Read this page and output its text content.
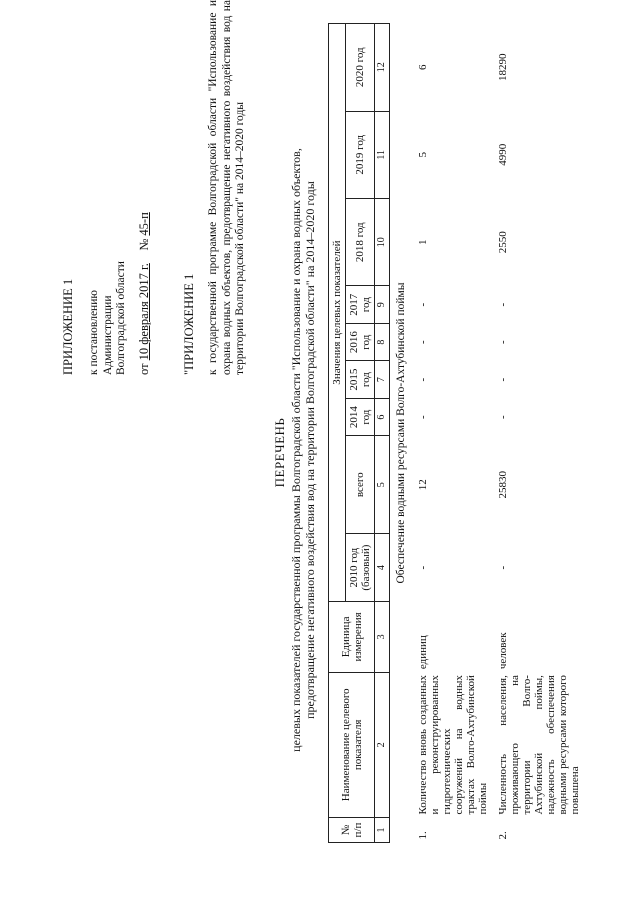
ПРИЛОЖЕНИЕ 1 к постановлению Администрации Волгоградской области от 10 февраля 2017 г.    № 45-п
"ПРИЛОЖЕНИЕ 1 к государственной программе Волгоградской области "Использование и охрана водных объектов, предотвращение негативного воздействия вод на территории Волгоградской области" на 2014–2020 годы
ПЕРЕЧЕНЬ целевых показателей государственной программы Волгоградской области "Использование и охрана водных объектов, предотвращение негативного воздействия вод на территории Волгоградской области" на 2014–2020 годы
№ п/п	Наименование целевого показателя	Единица измерения	Значения целевых показателей								
			2010 год (базовый)	всего	2014 год	2015 год	2016 год	2017 год	2018 год	2019 год	2020 год
1	2	3	4	5	6	7	8	9	10	11	12
Обеспечение водными ресурсами Волго-Ахтубинской поймы											
1.	Количество вновь созданных и реконструированных гидротехнических сооружений на водных трактах Волго-Ахтубинской поймы	единиц	-	12	-	-	-	-	1	5	6
2.	Численность населения, проживающего на территории Волго-Ахтубинской поймы, надежность обеспечения водными ресурсами которого повышена	человек	-	25830	-	-	-	-	2550	4990	18290
